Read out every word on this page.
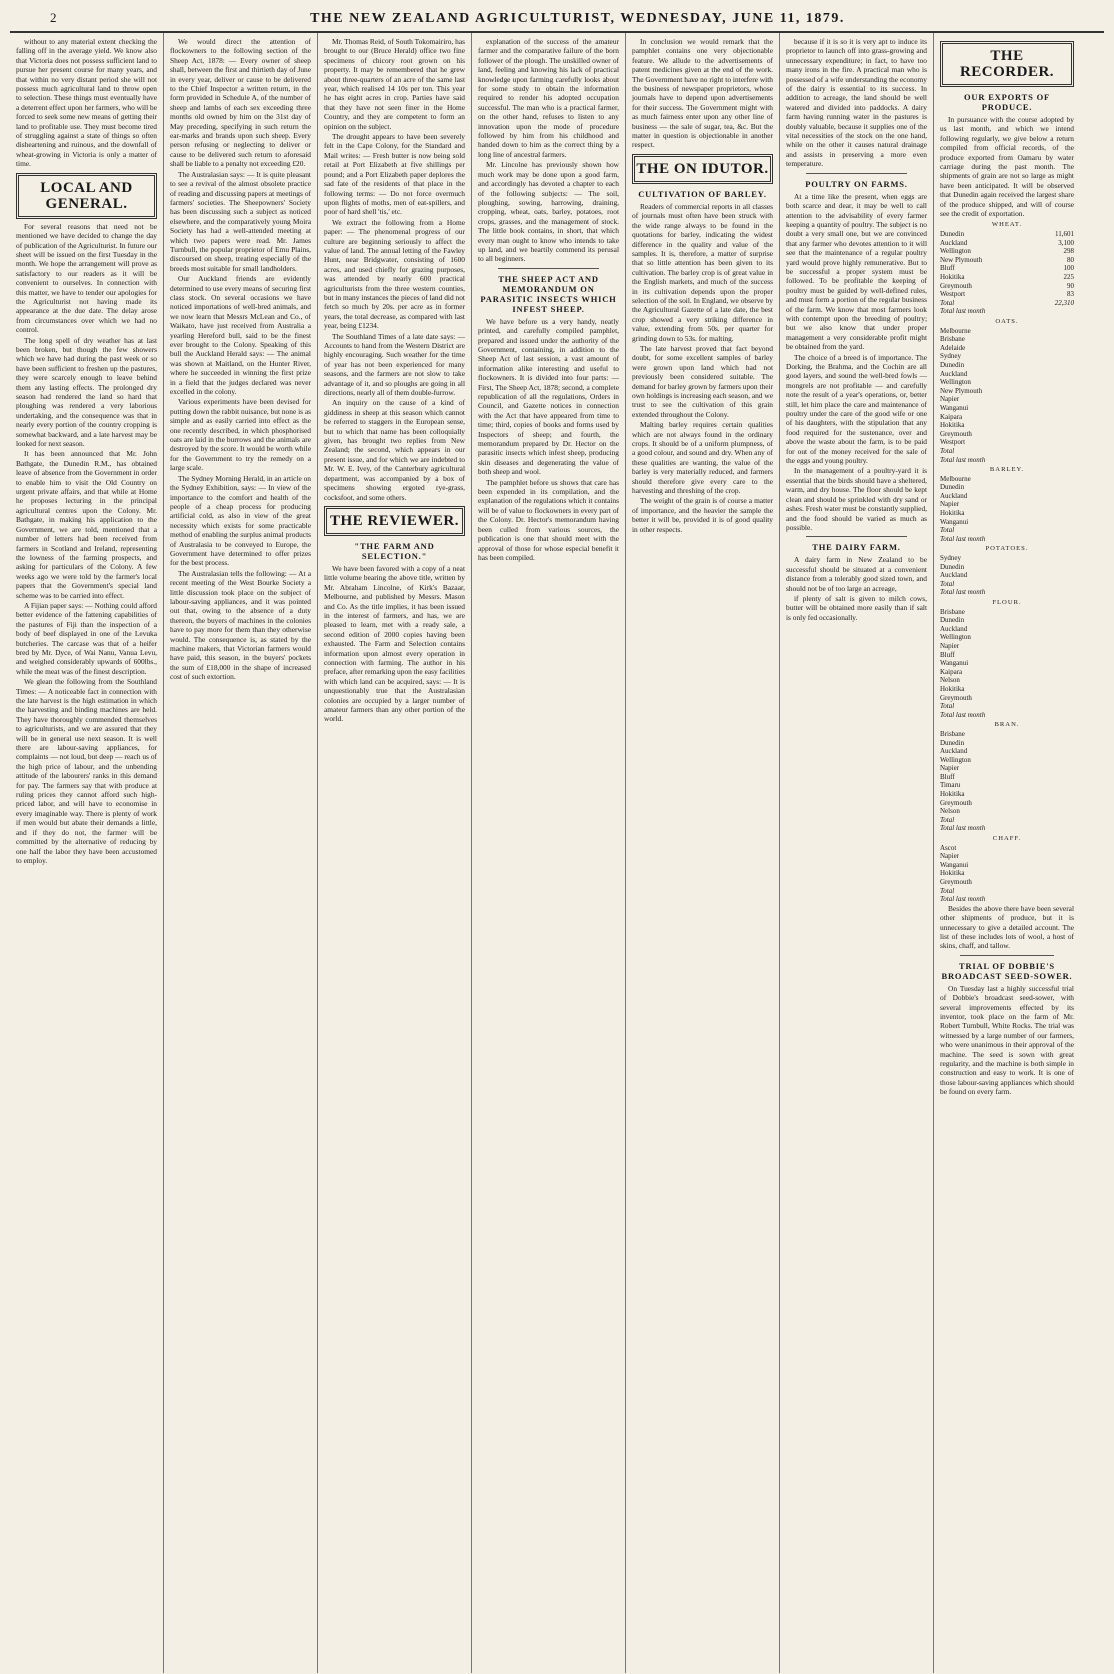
2	THE NEW ZEALAND AGRICULTURIST, WEDNESDAY, JUNE 11, 1879.

without to any material extent checking the falling off in the average yield. We know also that Victoria does not possess sufficient land to pursue her present course for many years, and that within no very distant period she will not possess much agricultural land to throw open to selection. These things must eventually have a deterrent effect upon her farmers, who will be forced to seek some new means of getting their land to profitable use. They must become tired of struggling against a state of things so often disheartening and ruinous, and the downfall of wheat-growing in Victoria is only a matter of time.

LOCAL AND GENERAL.

For several reasons that need not be mentioned we have decided to change the day of publication of the Agriculturist. In future our sheet will be issued on the first Tuesday in the month. We hope the arrangement will prove as satisfactory to our readers as it will be convenient to ourselves. In connection with this matter, we have to tender our apologies for the Agriculturist not having made its appearance at the due date. The delay arose from circumstances over which we had no control.

The long spell of dry weather has at last been broken, but though the few showers which we have had during the past week or so have been sufficient to freshen up the pastures, they were scarcely enough to leave behind them any lasting effects. The prolonged dry season had rendered the land so hard that ploughing was rendered a very laborious undertaking, and the consequence was that in nearly every portion of the country cropping is somewhat backward, and a late harvest may be looked for next season.

It has been announced that Mr. John Bathgate, the Dunedin R.M., has obtained leave of absence from the Government in order to enable him to visit the Old Country on urgent private affairs, and that while at Home he proposes lecturing in the principal agricultural centres upon the Colony. Mr. Bathgate, in making his application to the Government, we are told, mentioned that a number of letters had been received from farmers in Scotland and Ireland, representing the lowness of the farming prospects, and asking for particulars of the Colony. A few weeks ago we were told by the farmer's local papers that the Government's special land scheme was to be carried into effect.

A Fijian paper says: — Nothing could afford better evidence of the fattening capabilities of the pastures of Fiji than the inspection of a body of beef displayed in one of the Levuka butcheries. The carcase was that of a heifer bred by Mr. Dyce, of Wai Nanu, Vanua Levu, and weighed considerably upwards of 600lbs., while the meat was of the finest description.

We glean the following from the Southland Times: — A noticeable fact in connection with the late harvest is the high estimation in which the harvesting and binding machines are held. They have thoroughly commended themselves to agriculturists, and we are assured that they will be in general use next season. It is well there are labour-saving appliances, for complaints — not loud, but deep — reach us of the high price of labour, and the unbending attitude of the labourers' ranks in this demand for pay. The farmers say that with produce at ruling prices they cannot afford such high-priced labor, and will have to economise in every imaginable way. There is plenty of work if men would but abate their demands a little, and if they do not, the farmer will be committed by the alternative of reducing by one half the labor they have been accustomed to employ.

We would direct the attention of flockowners to the following section of the Sheep Act, 1878: — Every owner of sheep shall, between the first and thirtieth day of June in every year, deliver or cause to be delivered to the Chief Inspector a written return, in the form provided in Schedule A, of the number of sheep and lambs of each sex exceeding three months old owned by him on the 31st day of May preceding, specifying in such return the ear-marks and brands upon such sheep. Every person refusing or neglecting to deliver or cause to be delivered such return to aforesaid shall be liable to a penalty not exceeding £20.

The Australasian says: — It is quite pleasant to see a revival of the almost obsolete practice of reading and discussing papers at meetings of farmers' societies. The Sheepowners' Society has been discussing such a subject as noticed elsewhere, and the comparatively young Moira Society has had a well-attended meeting at which two papers were read. Mr. James Turnbull, the popular proprietor of Emu Plains, discoursed on sheep, treating especially of the breeds most suitable for small landholders.

Our Auckland friends are evidently determined to use every means of securing first class stock. On several occasions we have noticed importations of well-bred animals, and we now learn that Messrs McLean and Co., of Waikato, have just received from Australia a yearling Hereford bull, said to be the finest ever brought to the Colony. Speaking of this bull the Auckland Herald says: — The animal was shown at Maitland, on the Hunter River, where he succeeded in winning the first prize in a field that the judges declared was never excelled in the colony.

Various experiments have been devised for putting down the rabbit nuisance, but none is as simple and as easily carried into effect as the one recently described, in which phosphorised oats are laid in the burrows and the animals are destroyed by the score. It would be worth while for the Government to try the remedy on a large scale.

The Sydney Morning Herald, in an article on the Sydney Exhibition, says: — In view of the importance to the comfort and health of the people of a cheap process for producing artificial cold, as also in view of the great necessity which exists for some practicable method of enabling the surplus animal products of Australasia to be conveyed to Europe, the Government have determined to offer prizes for the best process.

The Australasian tells the following: — At a recent meeting of the West Bourke Society a little discussion took place on the subject of labour-saving appliances, and it was pointed out that, owing to the absence of a duty thereon, the buyers of machines in the colonies have to pay more for them than they otherwise would. The consequence is, as stated by the machine makers, that Victorian farmers would have paid, this season, in the buyers' pockets the sum of £18,000 in the shape of increased cost of such extortion.

Mr. Thomas Reid, of South Tokomairiro, has brought to our (Bruce Herald) office two fine specimens of chicory root grown on his property. It may be remembered that he grew about three-quarters of an acre of the same last year, which realised 14 10s per ton. This year he has eight acres in crop. Parties have said that they have not seen finer in the Home Country, and they are competent to form an opinion on the subject.

The drought appears to have been severely felt in the Cape Colony, for the Standard and Mail writes: — Fresh butter is now being sold retail at Port Elizabeth at five shillings per pound; and a Port Elizabeth paper deplores the sad fate of the residents of that place in the following terms: — Do not force overmuch upon flights of moths, men of eat-spillers, and poor of hard shell 'tis,' etc.

We extract the following from a Home paper: — The phenomenal progress of our culture are beginning seriously to affect the value of land. The annual letting of the Fawley Hunt, near Bridgwater, consisting of 1600 acres, and used chiefly for grazing purposes, was attended by nearly 600 practical agriculturists from the three western counties, but in many instances the pieces of land did not fetch so much by 20s. per acre as in former years, the total decrease, as compared with last year, being £1234.

The Southland Times of a late date says: — Accounts to hand from the Western District are highly encouraging. Such weather for the time of year has not been experienced for many seasons, and the farmers are not slow to take advantage of it, and so ploughs are going in all directions, nearly all of them double-furrow.

An inquiry on the cause of a kind of giddiness in sheep at this season which cannot be referred to staggers in the European sense, but to which that name has been colloquially given, has brought two replies from New Zealand; the second, which appears in our present issue, and for which we are indebted to Mr. W. E. Ivey, of the Canterbury agricultural department, was accompanied by a box of specimens showing ergoted rye-grass, cocksfoot, and some others.

THE REVIEWER.
"THE FARM AND SELECTION."

We have been favored with a copy of a neat little volume bearing the above title, written by Mr. Abraham Lincolne, of Kirk's Bazaar, Melbourne, and published by Messrs. Mason and Co. As the title implies, it has been issued in the interest of farmers, and has, we are pleased to learn, met with a ready sale, a second edition of 2000 copies having been exhausted. The Farm and Selection contains information upon almost every operation in connection with farming. The author in his preface, after remarking upon the easy facilities with which land can be acquired, says: — It is unquestionably true that the Australasian colonies are occupied by a larger number of amateur farmers than any other portion of the world.

explanation of the success of the amateur farmer and the comparative failure of the born follower of the plough. The unskilled owner of land, feeling and knowing his lack of practical knowledge upon farming carefully looks about for some study to obtain the information required to render his adopted occupation successful. The man who is a practical farmer, on the other hand, refuses to listen to any innovation upon the mode of procedure followed by him from his childhood and handed down to him as the correct thing by a long line of ancestral farmers.

Mr. Lincolne has previously shown how much work may be done upon a good farm, and accordingly has devoted a chapter to each of the following subjects: — The soil, ploughing, sowing, harrowing, draining, cropping, wheat, oats, barley, potatoes, root crops, grasses, and the management of stock. The little book contains, in short, that which every man ought to know who intends to take up land, and we heartily commend its perusal to all beginners.

THE SHEEP ACT AND MEMORANDUM ON PARASITIC INSECTS WHICH INFEST SHEEP.

We have before us a very handy, neatly printed, and carefully compiled pamphlet, prepared and issued under the authority of the Government, containing, in addition to the Sheep Act of last session, a vast amount of information alike interesting and useful to flockowners. It is divided into four parts: — First, The Sheep Act, 1878; second, a complete republication of all the regulations, Orders in Council, and Gazette notices in connection with the Act that have appeared from time to time; third, copies of books and forms used by Inspectors of sheep; and fourth, the memorandum prepared by Dr. Hector on the parasitic insects which infest sheep, producing skin diseases and degenerating the value of both sheep and wool.

The pamphlet before us shows that care has been expended in its compilation, and the explanation of the regulations which it contains will be of value to flockowners in every part of the Colony. Dr. Hector's memorandum having been culled from various sources, the publication is one that should meet with the approval of those for whose especial benefit it has been compiled.

In conclusion we would remark that the pamphlet contains one very objectionable feature. We allude to the advertisements of patent medicines given at the end of the work. The Government have no right to interfere with the business of newspaper proprietors, whose journals have to depend upon advertisements for their success. The Government might with as much fairness enter upon any other line of business — the sale of sugar, tea, &c. But the matter in question is objectionable in another respect.

THE ON IDUTOR.
CULTIVATION OF BARLEY.

Readers of commercial reports in all classes of journals must often have been struck with the wide range always to be found in the quotations for barley, indicating the widest difference in the quality and value of the samples. It is, therefore, a matter of surprise that so little attention has been given to its cultivation. The barley crop is of great value in the English markets, and much of the success in its cultivation depends upon the proper selection of the soil. In England, we observe by the Agricultural Gazette of a late date, the best crop showed a very striking difference in value, extending from 50s. per quarter for grinding down to 53s. for malting.

The late harvest proved that fact beyond doubt, for some excellent samples of barley were grown upon land which had not previously been considered suitable. The demand for barley grown by farmers upon their own holdings is increasing each season, and we trust to see the cultivation of this grain extended throughout the Colony.

Malting barley requires certain qualities which are not always found in the ordinary crops. It should be of a uniform plumpness, of a good colour, and sound and dry. When any of these qualities are wanting, the value of the barley is very materially reduced, and farmers should therefore give every care to the harvesting and threshing of the crop.

The weight of the grain is of course a matter of importance, and the heavier the sample the better it will be, provided it is of good quality in other respects.

because if it is so it is very apt to induce its proprietor to launch off into grass-growing and unnecessary expenditure; in fact, to have too many irons in the fire. A practical man who is possessed of a wife understanding the economy of the dairy is essential to its success. In addition to acreage, the land should be well watered and divided into paddocks. A dairy farm having running water in the pastures is doubly valuable, because it supplies one of the vital necessities of the stock on the one hand, while on the other it causes natural drainage and assists in preserving a more even temperature.

POULTRY ON FARMS.

At a time like the present, when eggs are both scarce and dear, it may be well to call attention to the advisability of every farmer keeping a quantity of poultry. The subject is no doubt a very small one, but we are convinced that any farmer who devotes attention to it will see that the maintenance of a regular poultry yard would prove highly remunerative. But to be successful a proper system must be followed. To be profitable the keeping of poultry must be guided by well-defined rules, and must form a portion of the regular business of the farm. We know that most farmers look with contempt upon the breeding of poultry; but we also know that under proper management a very considerable profit might be obtained from the yard.

The choice of a breed is of importance. The Dorking, the Brahma, and the Cochin are all good layers, and sound the well-bred fowls — mongrels are not profitable — and carefully note the result of a year's operations, or, better still, let him place the care and maintenance of poultry under the care of the good wife or one of his daughters, with the stipulation that any food required for the sustenance, over and above the waste about the farm, is to be paid for out of the money received for the sale of the eggs and young poultry.

In the management of a poultry-yard it is essential that the birds should have a sheltered, warm, and dry house. The floor should be kept clean and should be sprinkled with dry sand or ashes. Fresh water must be constantly supplied, and the food should be varied as much as possible.

THE DAIRY FARM.

A dairy farm in New Zealand to be successful should be situated at a convenient distance from a tolerably good sized town, and should not be of too large an acreage,

if plenty of salt is given to milch cows, butter will be obtained more easily than if salt is only fed occasionally.

THE RECORDER.
OUR EXPORTS OF PRODUCE.

In pursuance with the course adopted by us last month, and which we intend following regularly, we give below a return compiled from official records, of the produce exported from Oamaru by water carriage during the past month. The shipments of grain are not so large as might have been anticipated. It will be observed that Dunedin again received the largest share of the produce shipped, and will of course see the credit of exportation.

WHEAT.	
Dunedin	11,601
Auckland	3,100
Wellington	298
New Plymouth	80
Bluff	100
Hokitika	225
Greymouth	90
Westport	83
Total	22,310
Total last month	
OATS.	
Melbourne	
Brisbane	
Adelaide	
Sydney	
Dunedin	
Auckland	
Wellington	
New Plymouth	
Napier	
Wanganui	
Kaipara	
Hokitika	
Greymouth	
Westport	
Total	
Total last month	
BARLEY.	
Melbourne	
Dunedin	
Auckland	
Napier	
Hokitika	
Wanganui	
Total	
Total last month	
POTATOES.	
Sydney	
Dunedin	
Auckland	
Total	
Total last month	
FLOUR.	
Brisbane	
Dunedin	
Auckland	
Wellington	
Napier	
Bluff	
Wanganui	
Kaipara	
Nelson	
Hokitika	
Greymouth	
Total	
Total last month	
BRAN.	
Brisbane	
Dunedin	
Auckland	
Wellington	
Napier	
Bluff	
Timaru	
Hokitika	
Greymouth	
Nelson	
Total	
Total last month	
CHAFF.	
Ascot	
Napier	
Wanganui	
Hokitika	
Greymouth	
Total	
Total last month	

Besides the above there have been several other shipments of produce, but it is unnecessary to give a detailed account. The list of these includes lots of wool, a host of skins, chaff, and tallow.

TRIAL OF DOBBIE'S BROADCAST SEED-SOWER.

On Tuesday last a highly successful trial of Dobbie's broadcast seed-sower, with several improvements effected by its inventor, took place on the farm of Mr. Robert Turnbull, White Rocks. The trial was witnessed by a large number of our farmers, who were unanimous in their approval of the machine. The seed is sown with great regularity, and the machine is both simple in construction and easy to work. It is one of those labour-saving appliances which should be found on every farm.
